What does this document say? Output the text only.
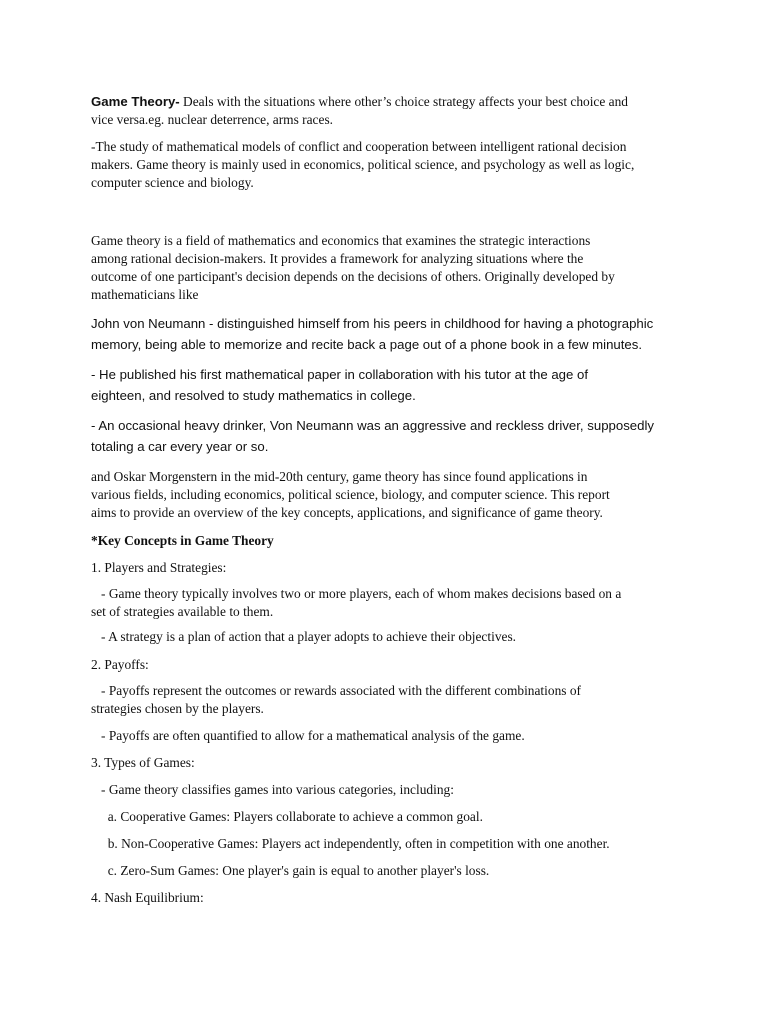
Game Theory- Deals with the situations where other’s choice strategy affects your best choice and
vice versa.eg. nuclear deterrence, arms races.

-The study of mathematical models of conflict and cooperation between intelligent rational decision
makers. Game theory is mainly used in economics, political science, and psychology as well as logic,
computer science and biology.

Game theory is a field of mathematics and economics that examines the strategic interactions
among rational decision-makers. It provides a framework for analyzing situations where the
outcome of one participant's decision depends on the decisions of others. Originally developed by
mathematicians like

John von Neumann - distinguished himself from his peers in childhood for having a photographic
memory, being able to memorize and recite back a page out of a phone book in a few minutes.

- He published his first mathematical paper in collaboration with his tutor at the age of
eighteen, and resolved to study mathematics in college.

- An occasional heavy drinker, Von Neumann was an aggressive and reckless driver, supposedly
totaling a car every year or so.

and Oskar Morgenstern in the mid-20th century, game theory has since found applications in
various fields, including economics, political science, biology, and computer science. This report
aims to provide an overview of the key concepts, applications, and significance of game theory.

*Key Concepts in Game Theory

1. Players and Strategies:

- Game theory typically involves two or more players, each of whom makes decisions based on a
set of strategies available to them.

- A strategy is a plan of action that a player adopts to achieve their objectives.

2. Payoffs:

- Payoffs represent the outcomes or rewards associated with the different combinations of
strategies chosen by the players.

- Payoffs are often quantified to allow for a mathematical analysis of the game.

3. Types of Games:

- Game theory classifies games into various categories, including:

a. Cooperative Games: Players collaborate to achieve a common goal.

b. Non-Cooperative Games: Players act independently, often in competition with one another.

c. Zero-Sum Games: One player's gain is equal to another player's loss.

4. Nash Equilibrium:
